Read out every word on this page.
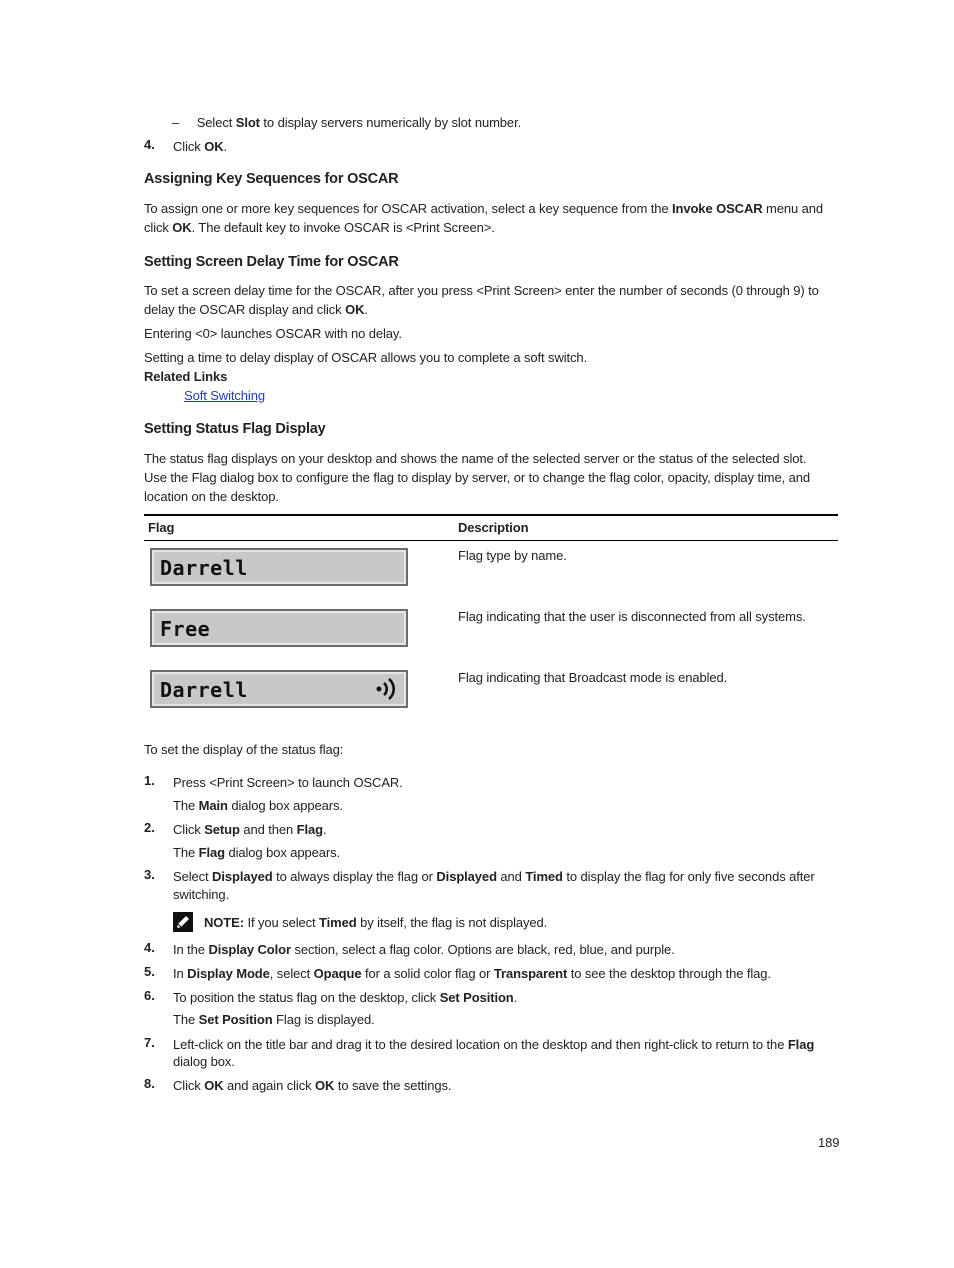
– Select Slot to display servers numerically by slot number.
4. Click OK.
Assigning Key Sequences for OSCAR
To assign one or more key sequences for OSCAR activation, select a key sequence from the Invoke OSCAR menu and
click OK. The default key to invoke OSCAR is <Print Screen>.
Setting Screen Delay Time for OSCAR
To set a screen delay time for the OSCAR, after you press <Print Screen> enter the number of seconds (0 through 9) to
delay the OSCAR display and click OK.
Entering <0> launches OSCAR with no delay.
Setting a time to delay display of OSCAR allows you to complete a soft switch.
Related Links
Soft Switching
Setting Status Flag Display
The status flag displays on your desktop and shows the name of the selected server or the status of the selected slot.
Use the Flag dialog box to configure the flag to display by server, or to change the flag color, opacity, display time, and
location on the desktop.
Flag	Description
Darrell
Flag type by name.
Free
Flag indicating that the user is disconnected from all systems.
Darrell
Flag indicating that Broadcast mode is enabled.
To set the display of the status flag:
1. Press <Print Screen> to launch OSCAR.
The Main dialog box appears.
2. Click Setup and then Flag.
The Flag dialog box appears.
3. Select Displayed to always display the flag or Displayed and Timed to display the flag for only five seconds after
switching.
NOTE: If you select Timed by itself, the flag is not displayed.
4. In the Display Color section, select a flag color. Options are black, red, blue, and purple.
5. In Display Mode, select Opaque for a solid color flag or Transparent to see the desktop through the flag.
6. To position the status flag on the desktop, click Set Position.
The Set Position Flag is displayed.
7. Left-click on the title bar and drag it to the desired location on the desktop and then right-click to return to the Flag
dialog box.
8. Click OK and again click OK to save the settings.
189
